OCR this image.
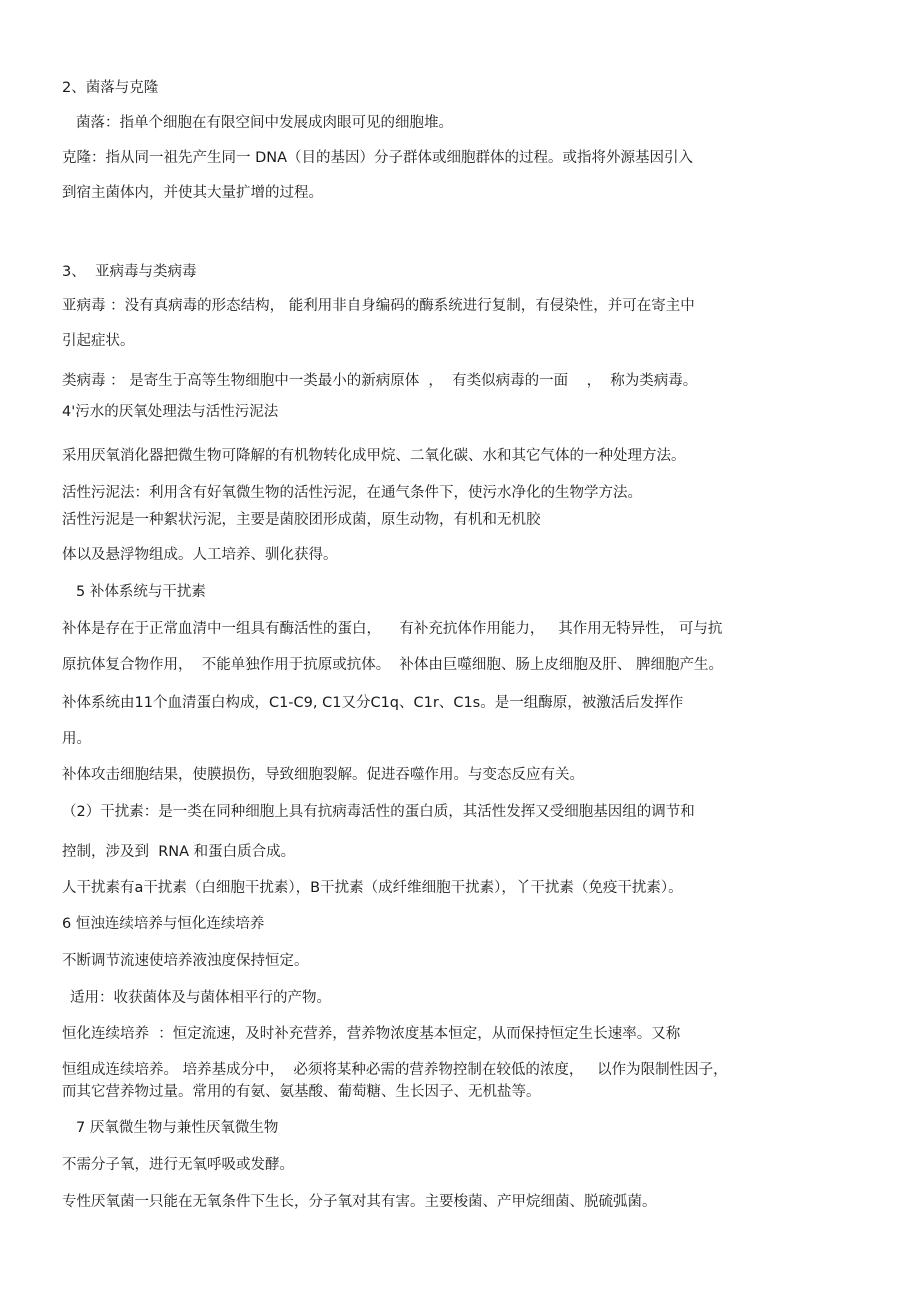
2、菌落与克隆
菌落：指单个细胞在有限空间中发展成肉眼可见的细胞堆。
克隆：指从同一祖先产生同一 DNA（目的基因）分子群体或细胞群体的过程。或指将外源基因引入
到宿主菌体内，并使其大量扩增的过程。
3、  亚病毒与类病毒
亚病毒 ：没有真病毒的形态结构， 能利用非自身编码的酶系统进行复制，有侵染性，并可在寄主中
引起症状。
类病毒 ： 是寄生于高等生物细胞中一类最小的新病原体  ，  有类似病毒的一面    ，  称为类病毒。
4'污水的厌氧处理法与活性污泥法
采用厌氧消化器把微生物可降解的有机物转化成甲烷、二氧化碳、水和其它气体的一种处理方法。
活性污泥法：利用含有好氧微生物的活性污泥，在通气条件下，使污水净化的生物学方法。
活性污泥是一种絮状污泥，主要是菌胶团形成菌，原生动物，有机和无机胶
体以及悬浮物组成。人工培养、驯化获得。
5 补体系统与干扰素
补体是存在于正常血清中一组具有酶活性的蛋白，    有补充抗体作用能力，   其作用无特异性， 可与抗
原抗体复合物作用，  不能单独作用于抗原或抗体。  补体由巨噬细胞、肠上皮细胞及肝、 脾细胞产生。
补体系统由11个血清蛋白构成，C1-C9, C1又分C1q、C1r、C1s。是一组酶原，被激活后发挥作
用。
补体攻击细胞结果，使膜损伤，导致细胞裂解。促进吞噬作用。与变态反应有关。
（2）干扰素：是一类在同种细胞上具有抗病毒活性的蛋白质，其活性发挥又受细胞基因组的调节和
控制，涉及到  RNA 和蛋白质合成。
人干扰素有a干扰素（白细胞干扰素），B干扰素（成纤维细胞干扰素），丫干扰素（免疫干扰素）。
6 恒浊连续培养与恒化连续培养
不断调节流速使培养液浊度保持恒定。
适用：收获菌体及与菌体相平行的产物。
恒化连续培养  ：恒定流速，及时补充营养，营养物浓度基本恒定，从而保持恒定生长速率。又称
恒组成连续培养。 培养基成分中，  必须将某种必需的营养物控制在较低的浓度，   以作为限制性因子，
而其它营养物过量。常用的有氨、氨基酸、葡萄糖、生长因子、无机盐等。
7 厌氧微生物与兼性厌氧微生物
不需分子氧，进行无氧呼吸或发酵。
专性厌氧菌一只能在无氧条件下生长，分子氧对其有害。主要梭菌、产甲烷细菌、脱硫弧菌。
